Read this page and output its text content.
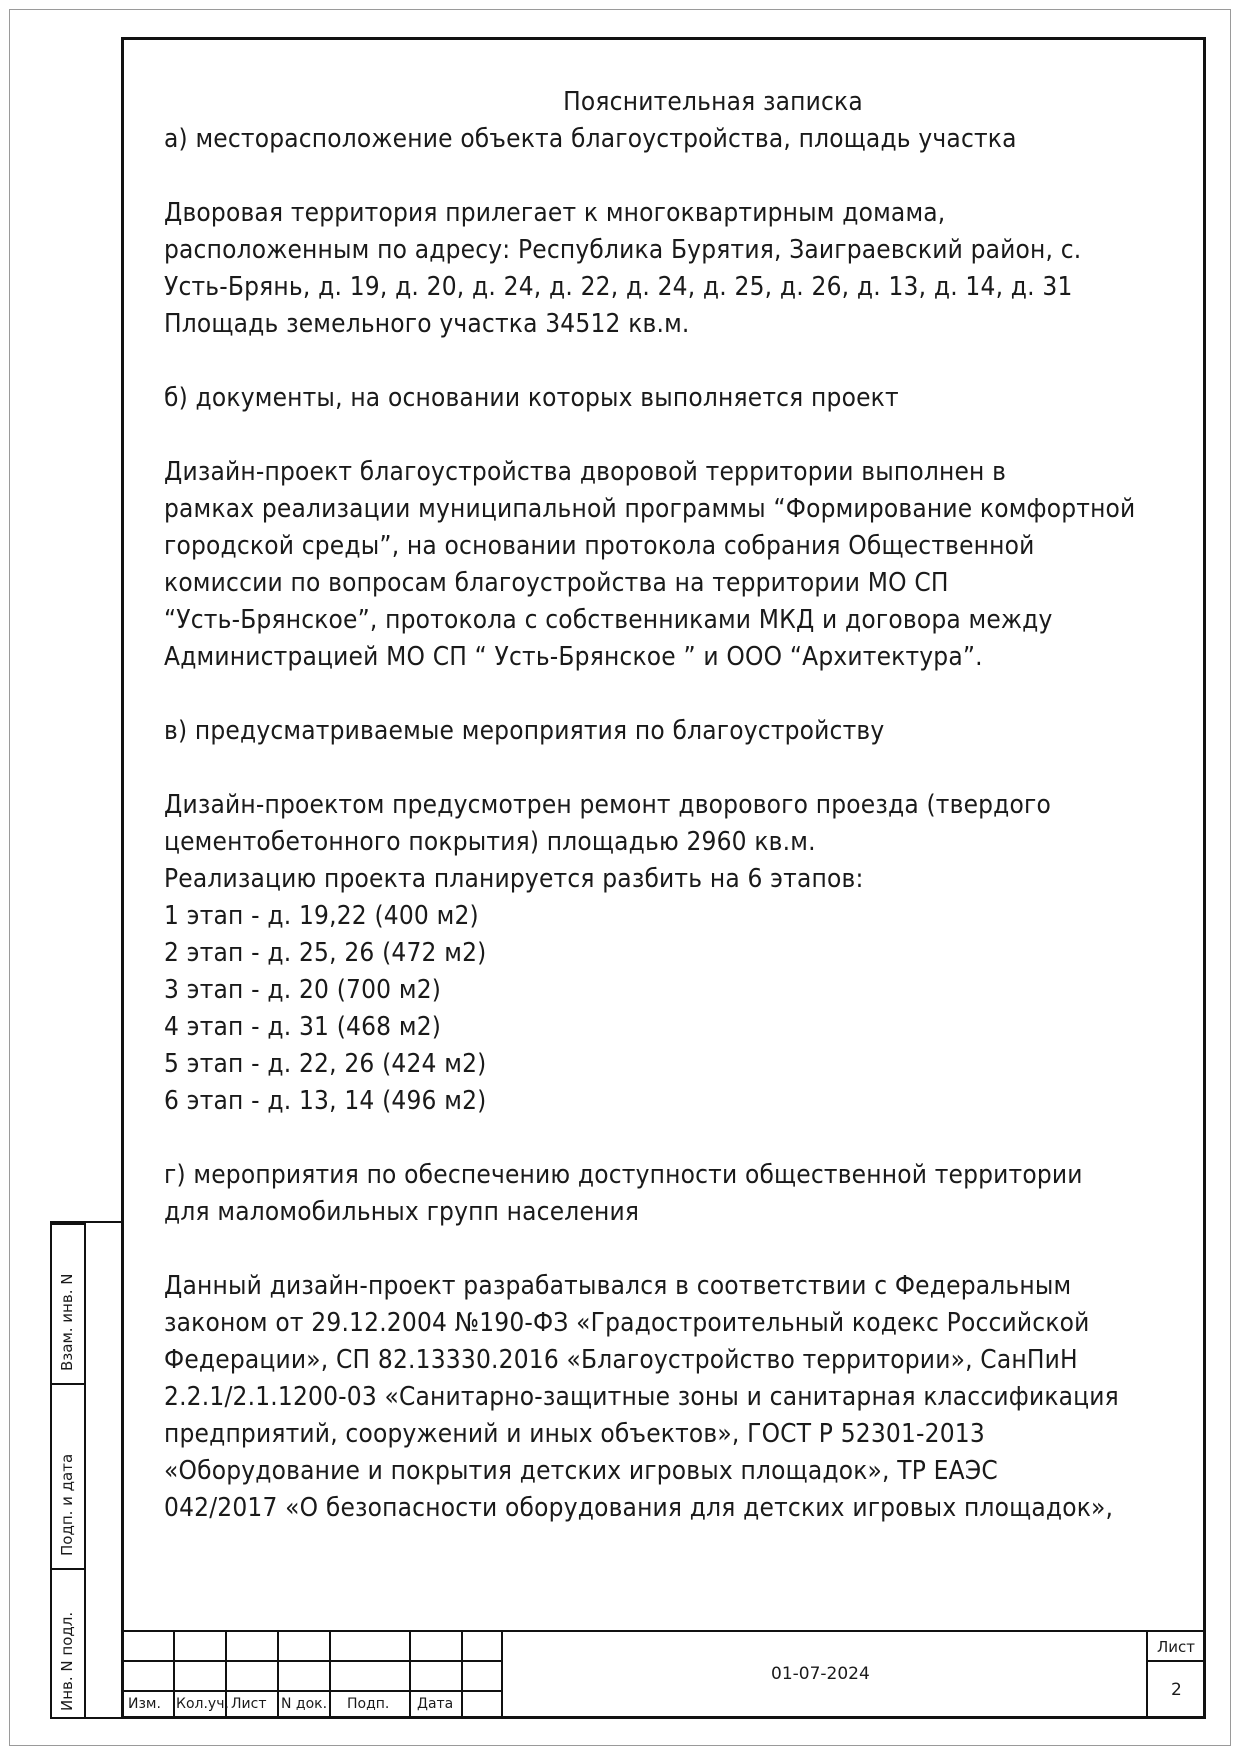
Пояснительная записка
а) месторасположение объекта благоустройства, площадь участка
Дворовая территория прилегает к многоквартирным домама,
расположенным по адресу: Республика Бурятия, Заиграевский район, с.
Усть-Брянь, д. 19, д. 20, д. 24, д. 22, д. 24, д. 25, д. 26, д. 13, д. 14, д. 31
Площадь земельного участка 34512 кв.м.
б) документы, на основании которых выполняется проект
Дизайн-проект благоустройства дворовой территории выполнен в
рамках реализации муниципальной программы “Формирование комфортной
городской среды”, на основании протокола собрания Общественной
комиссии по вопросам благоустройства на территории МО СП
“Усть-Брянское”, протокола с собственниками МКД и договора между
Администрацией МО СП “ Усть-Брянское ” и ООО “Архитектура”.
в) предусматриваемые мероприятия по благоустройству
Дизайн-проектом предусмотрен ремонт дворового проезда (твердого
цементобетонного покрытия) площадью 2960 кв.м.
Реализацию проекта планируется разбить на 6 этапов:
1 этап - д. 19,22 (400 м2)
2 этап - д. 25, 26 (472 м2)
3 этап - д. 20 (700 м2)
4 этап - д. 31 (468 м2)
5 этап - д. 22, 26 (424 м2)
6 этап - д. 13, 14 (496 м2)
г) мероприятия по обеспечению доступности общественной территории
для маломобильных групп населения
Данный дизайн-проект разрабатывался в соответствии с Федеральным
законом от 29.12.2004 №190-ФЗ «Градостроительный кодекс Российской
Федерации», СП 82.13330.2016 «Благоустройство территории», СанПиН
2.2.1/2.1.1200-03 «Санитарно-защитные зоны и санитарная классификация
предприятий, сооружений и иных объектов», ГОСТ Р 52301-2013
«Оборудование и покрытия детских игровых площадок», ТР ЕАЭС
042/2017 «О безопасности оборудования для детских игровых площадок»,
Взам. инв. N
Подп. и дата
Инв. N подл.	Изм. Кол.уч. Лист N док. Подп. Дата
01-07-2024
Лист
2
